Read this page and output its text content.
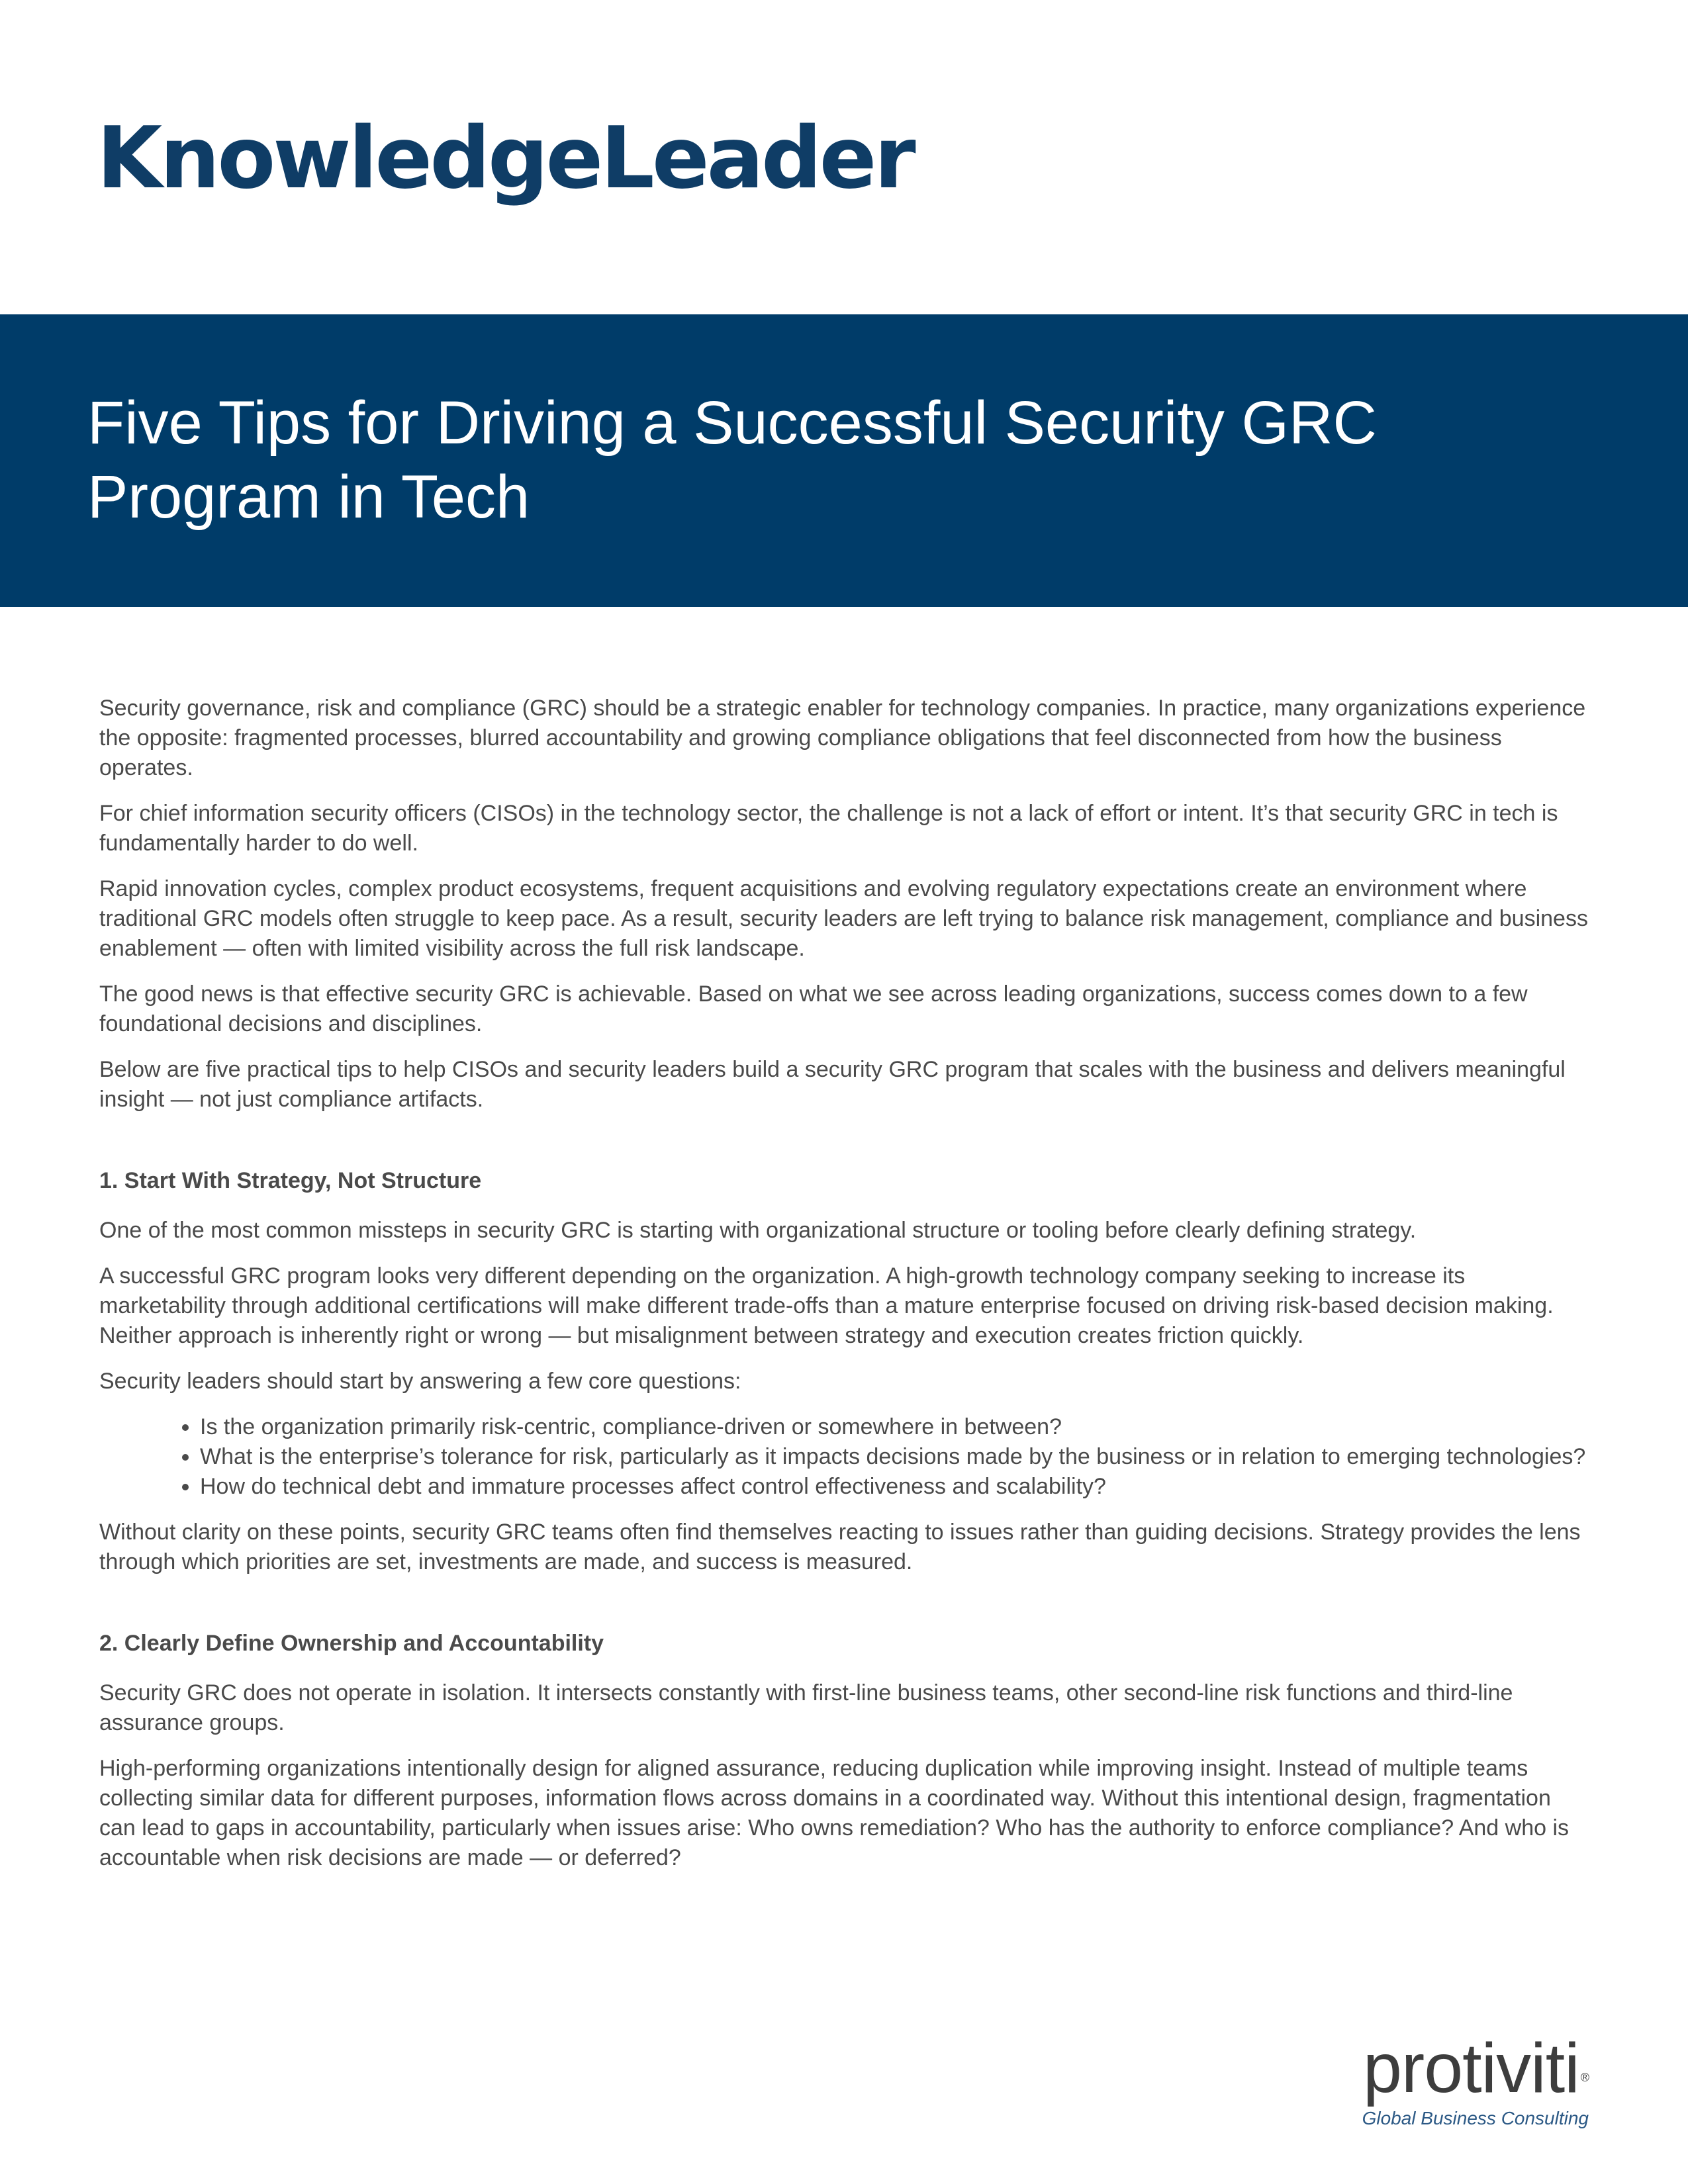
KnowledgeLeader
Five Tips for Driving a Successful Security GRC Program in Tech

Security governance, risk and compliance (GRC) should be a strategic enabler for technology companies. In practice, many organizations experience the opposite: fragmented processes, blurred accountability and growing compliance obligations that feel disconnected from how the business operates.

For chief information security officers (CISOs) in the technology sector, the challenge is not a lack of effort or intent. It’s that security GRC in tech is fundamentally harder to do well.

Rapid innovation cycles, complex product ecosystems, frequent acquisitions and evolving regulatory expectations create an environment where traditional GRC models often struggle to keep pace. As a result, security leaders are left trying to balance risk management, compliance and business enablement — often with limited visibility across the full risk landscape.

The good news is that effective security GRC is achievable. Based on what we see across leading organizations, success comes down to a few foundational decisions and disciplines.

Below are five practical tips to help CISOs and security leaders build a security GRC program that scales with the business and delivers meaningful insight — not just compliance artifacts.

1. Start With Strategy, Not Structure

One of the most common missteps in security GRC is starting with organizational structure or tooling before clearly defining strategy.

A successful GRC program looks very different depending on the organization. A high-growth technology company seeking to increase its marketability through additional certifications will make different trade-offs than a mature enterprise focused on driving risk-based decision making. Neither approach is inherently right or wrong — but misalignment between strategy and execution creates friction quickly.

Security leaders should start by answering a few core questions:

• Is the organization primarily risk-centric, compliance-driven or somewhere in between?
• What is the enterprise’s tolerance for risk, particularly as it impacts decisions made by the business or in relation to emerging technologies?
• How do technical debt and immature processes affect control effectiveness and scalability?

Without clarity on these points, security GRC teams often find themselves reacting to issues rather than guiding decisions. Strategy provides the lens through which priorities are set, investments are made, and success is measured.

2. Clearly Define Ownership and Accountability

Security GRC does not operate in isolation. It intersects constantly with first-line business teams, other second-line risk functions and third-line assurance groups.

High-performing organizations intentionally design for aligned assurance, reducing duplication while improving insight. Instead of multiple teams collecting similar data for different purposes, information flows across domains in a coordinated way. Without this intentional design, fragmentation can lead to gaps in accountability, particularly when issues arise: Who owns remediation? Who has the authority to enforce compliance? And who is accountable when risk decisions are made — or deferred?

protiviti ®
Global Business Consulting
